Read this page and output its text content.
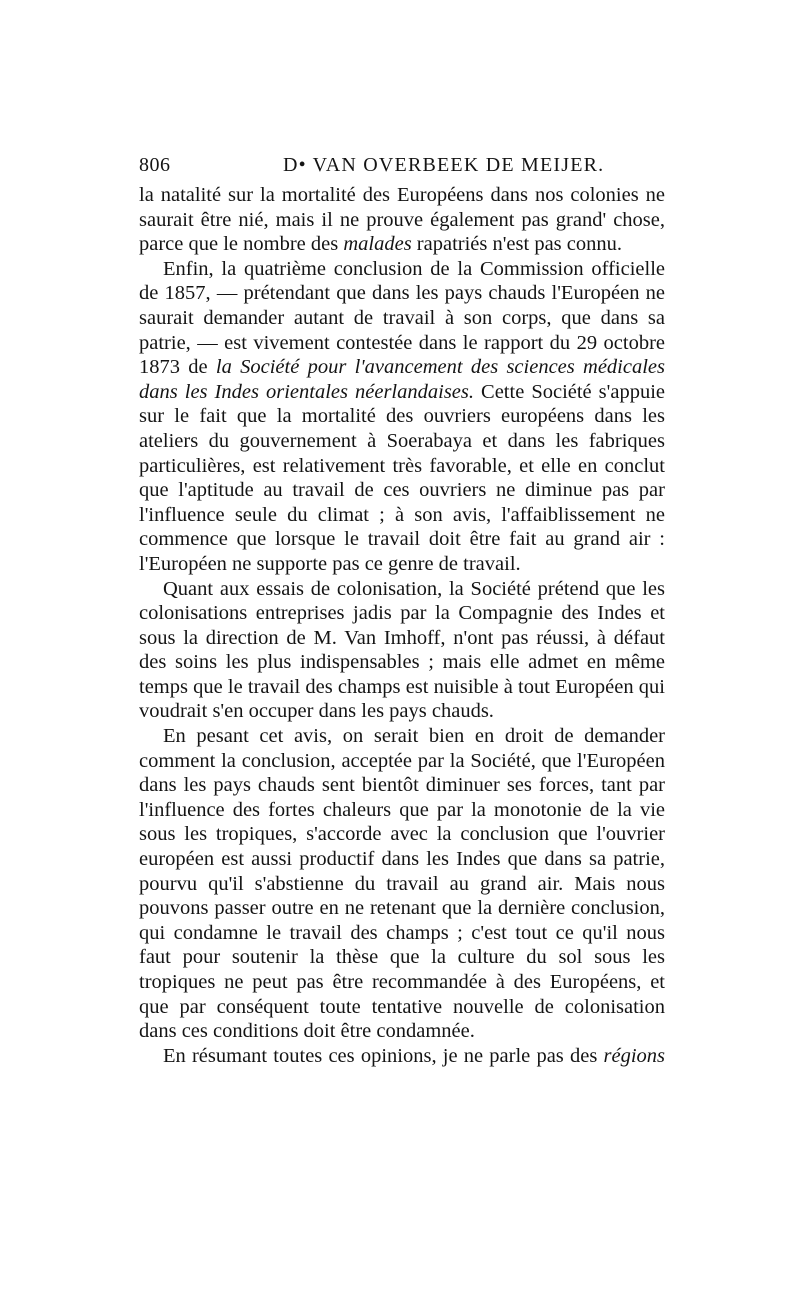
806	D• VAN OVERBEEK DE MEIJER.

la natalité sur la mortalité des Européens dans nos colonies ne saurait être nié, mais il ne prouve également pas grand' chose, parce que le nombre des malades rapatriés n'est pas connu.

Enfin, la quatrième conclusion de la Commission officielle de 1857, — prétendant que dans les pays chauds l'Européen ne saurait demander autant de travail à son corps, que dans sa patrie, — est vivement contestée dans le rapport du 29 octobre 1873 de la Société pour l'avancement des sciences médicales dans les Indes orientales néerlandaises. Cette Société s'appuie sur le fait que la mortalité des ouvriers européens dans les ateliers du gouvernement à Soerabaya et dans les fabriques particulières, est relativement très favorable, et elle en conclut que l'aptitude au travail de ces ouvriers ne diminue pas par l'influence seule du climat ; à son avis, l'affaiblissement ne commence que lorsque le travail doit être fait au grand air : l'Européen ne supporte pas ce genre de travail.

Quant aux essais de colonisation, la Société prétend que les colonisations entreprises jadis par la Compagnie des Indes et sous la direction de M. Van Imhoff, n'ont pas réussi, à défaut des soins les plus indispensables ; mais elle admet en même temps que le travail des champs est nuisible à tout Européen qui voudrait s'en occuper dans les pays chauds.

En pesant cet avis, on serait bien en droit de demander comment la conclusion, acceptée par la Société, que l'Européen dans les pays chauds sent bientôt diminuer ses forces, tant par l'influence des fortes chaleurs que par la monotonie de la vie sous les tropiques, s'accorde avec la conclusion que l'ouvrier européen est aussi productif dans les Indes que dans sa patrie, pourvu qu'il s'abstienne du travail au grand air. Mais nous pouvons passer outre en ne retenant que la dernière conclusion, qui condamne le travail des champs ; c'est tout ce qu'il nous faut pour soutenir la thèse que la culture du sol sous les tropiques ne peut pas être recommandée à des Européens, et que par conséquent toute tentative nouvelle de colonisation dans ces conditions doit être condamnée.

En résumant toutes ces opinions, je ne parle pas des régions
